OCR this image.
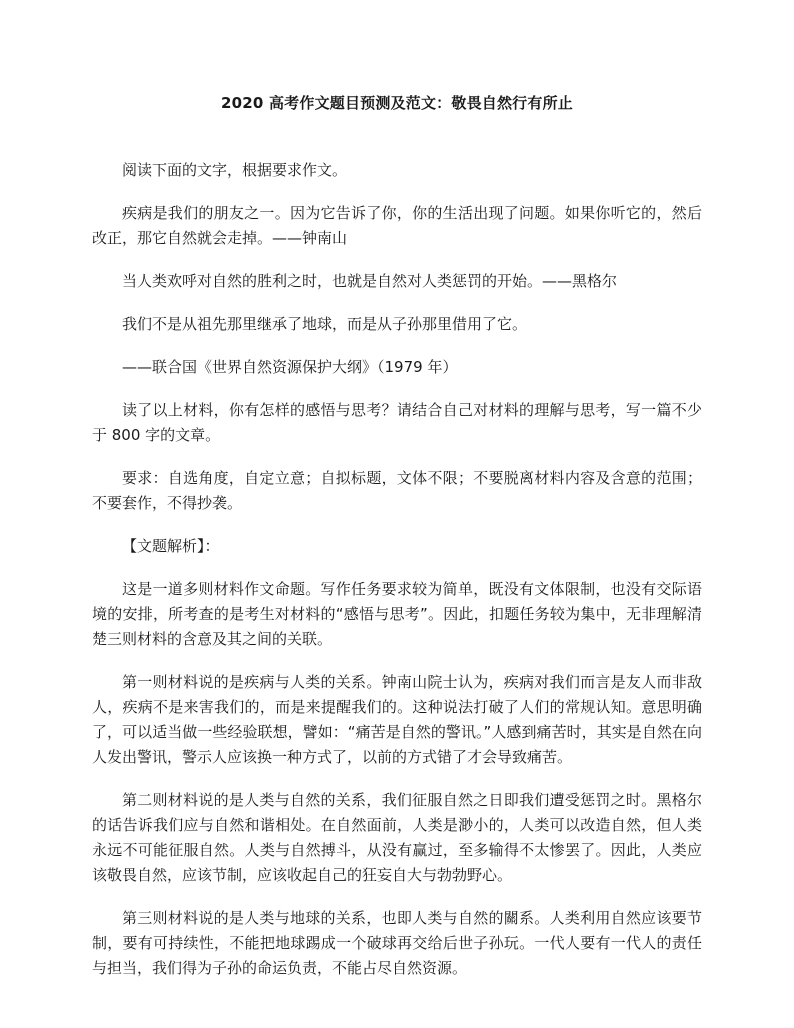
2020 高考作文题目预测及范文：敬畏自然行有所止

阅读下面的文字，根据要求作文。

疾病是我们的朋友之一。因为它告诉了你，你的生活出现了问题。如果你听它的，然后改正，那它自然就会走掉。——钟南山

当人类欢呼对自然的胜利之时，也就是自然对人类惩罚的开始。——黑格尔

我们不是从祖先那里继承了地球，而是从子孙那里借用了它。

——联合国《世界自然资源保护大纲》（1979 年）

读了以上材料，你有怎样的感悟与思考？请结合自己对材料的理解与思考，写一篇不少于 800 字的文章。

要求：自选角度，自定立意；自拟标题，文体不限；不要脱离材料内容及含意的范围；不要套作，不得抄袭。

【文题解析】：

这是一道多则材料作文命题。写作任务要求较为简单，既没有文体限制，也没有交际语境的安排，所考查的是考生对材料的“感悟与思考”。因此，扣题任务较为集中，无非理解清楚三则材料的含意及其之间的关联。

第一则材料说的是疾病与人类的关系。钟南山院士认为，疾病对我们而言是友人而非敌人，疾病不是来害我们的，而是来提醒我们的。这种说法打破了人们的常规认知。意思明确了，可以适当做一些经验联想，譬如：“痛苦是自然的警讯。”人感到痛苦时，其实是自然在向人发出警讯，警示人应该换一种方式了，以前的方式错了才会导致痛苦。

第二则材料说的是人类与自然的关系，我们征服自然之日即我们遭受惩罚之时。黑格尔的话告诉我们应与自然和谐相处。在自然面前，人类是渺小的，人类可以改造自然，但人类永远不可能征服自然。人类与自然搏斗，从没有赢过，至多输得不太惨罢了。因此，人类应该敬畏自然，应该节制，应该收起自己的狂妄自大与勃勃野心。

第三则材料说的是人类与地球的关系，也即人类与自然的關系。人类利用自然应该要节制，要有可持续性，不能把地球踢成一个破球再交给后世子孙玩。一代人要有一代人的责任与担当，我们得为子孙的命运负责，不能占尽自然资源。
